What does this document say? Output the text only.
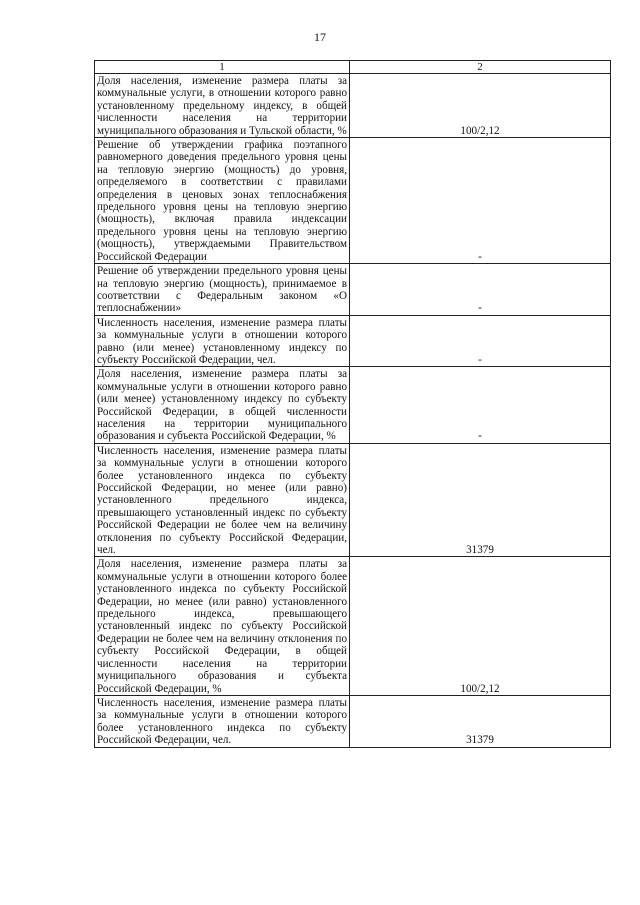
17
1	2
Доля населения, изменение размера платы за коммунальные услуги, в отношении которого равно установленному предельному индексу, в общей численности населения на территории муниципального образования и Тульской области, %	100/2,12
Решение об утверждении графика поэтапного равномерного доведения предельного уровня цены на тепловую энергию (мощность) до уровня, определяемого в соответствии с правилами определения в ценовых зонах теплоснабжения предельного уровня цены на тепловую энергию (мощность), включая правила индексации предельного уровня цены на тепловую энергию (мощность), утверждаемыми Правительством Российской Федерации	-
Решение об утверждении предельного уровня цены на тепловую энергию (мощность), принимаемое в соответствии с Федеральным законом «О теплоснабжении»	-
Численность населения, изменение размера платы за коммунальные услуги в отношении которого равно (или менее) установленному индексу по субъекту Российской Федерации, чел.	-
Доля населения, изменение размера платы за коммунальные услуги в отношении которого равно (или менее) установленному индексу по субъекту Российской Федерации, в общей численности населения на территории муниципального образования и субъекта Российской Федерации, %	-
Численность населения, изменение размера платы за коммунальные услуги в отношении которого более установленного индекса по субъекту Российской Федерации, но менее (или равно) установленного предельного индекса, превышающего установленный индекс по субъекту Российской Федерации не более чем на величину отклонения по субъекту Российской Федерации, чел.	31379
Доля населения, изменение размера платы за коммунальные услуги в отношении которого более установленного индекса по субъекту Российской Федерации, но менее (или равно) установленного предельного индекса, превышающего установленный индекс по субъекту Российской Федерации не более чем на величину отклонения по субъекту Российской Федерации, в общей численности населения на территории муниципального образования и субъекта Российской Федерации, %	100/2,12
Численность населения, изменение размера платы за коммунальные услуги в отношении которого более установленного индекса по субъекту Российской Федерации, чел.	31379
